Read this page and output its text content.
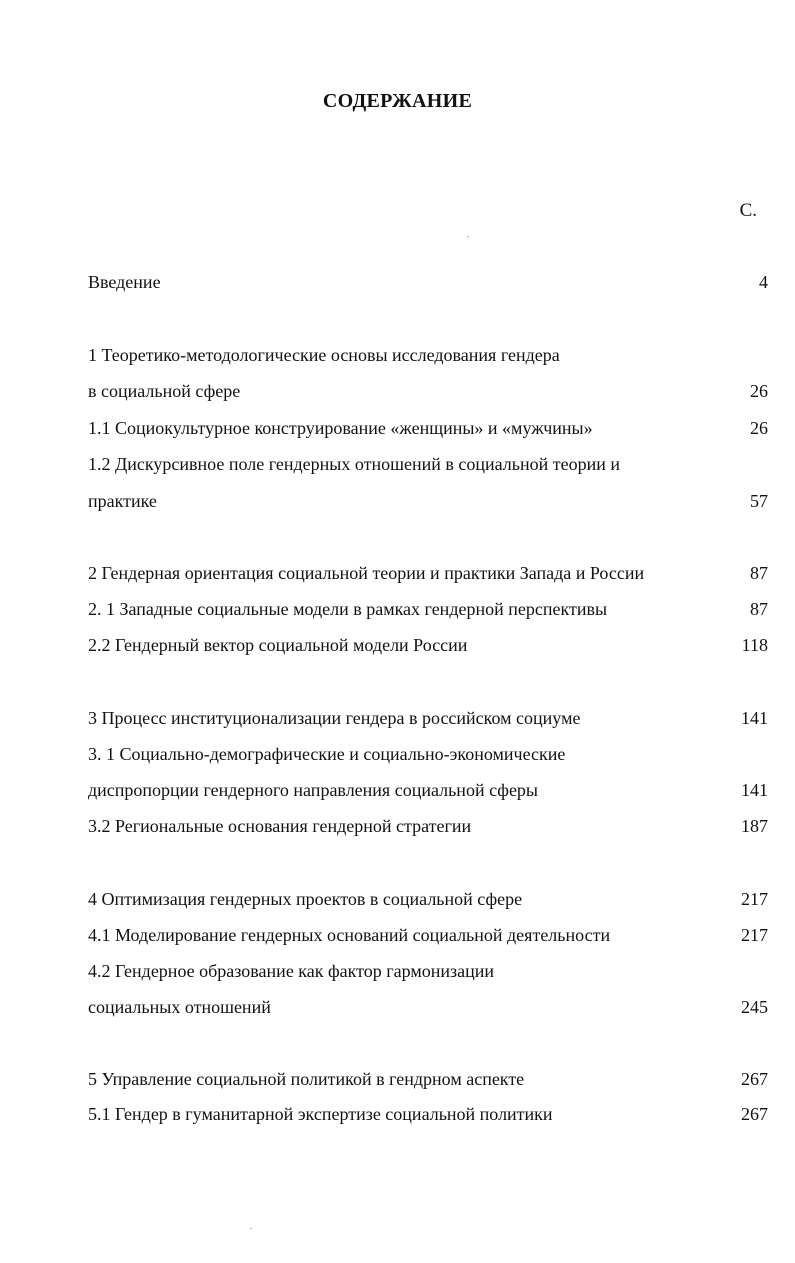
СОДЕРЖАНИЕ
С.
Введение	4
1 Теоретико-методологические основы исследования гендера
в социальной сфере	26
1.1 Социокультурное конструирование «женщины» и «мужчины»	26
1.2 Дискурсивное поле гендерных отношений в социальной теории и
практике	57
2 Гендерная ориентация социальной теории и практики Запада и России	87
2. 1 Западные социальные модели в рамках гендерной перспективы	87
2.2 Гендерный вектор социальной модели России	118
3 Процесс институционализации гендера в российском социуме	141
3. 1 Социально-демографические и социально-экономические
диспропорции гендерного направления социальной сферы	141
3.2 Региональные основания гендерной стратегии	187
4 Оптимизация гендерных проектов в социальной сфере	217
4.1 Моделирование гендерных оснований социальной деятельности	217
4.2 Гендерное образование как фактор гармонизации
социальных отношений	245
5 Управление социальной политикой в гендрном аспекте	267
5.1 Гендер в гуманитарной экспертизе социальной политики	267
